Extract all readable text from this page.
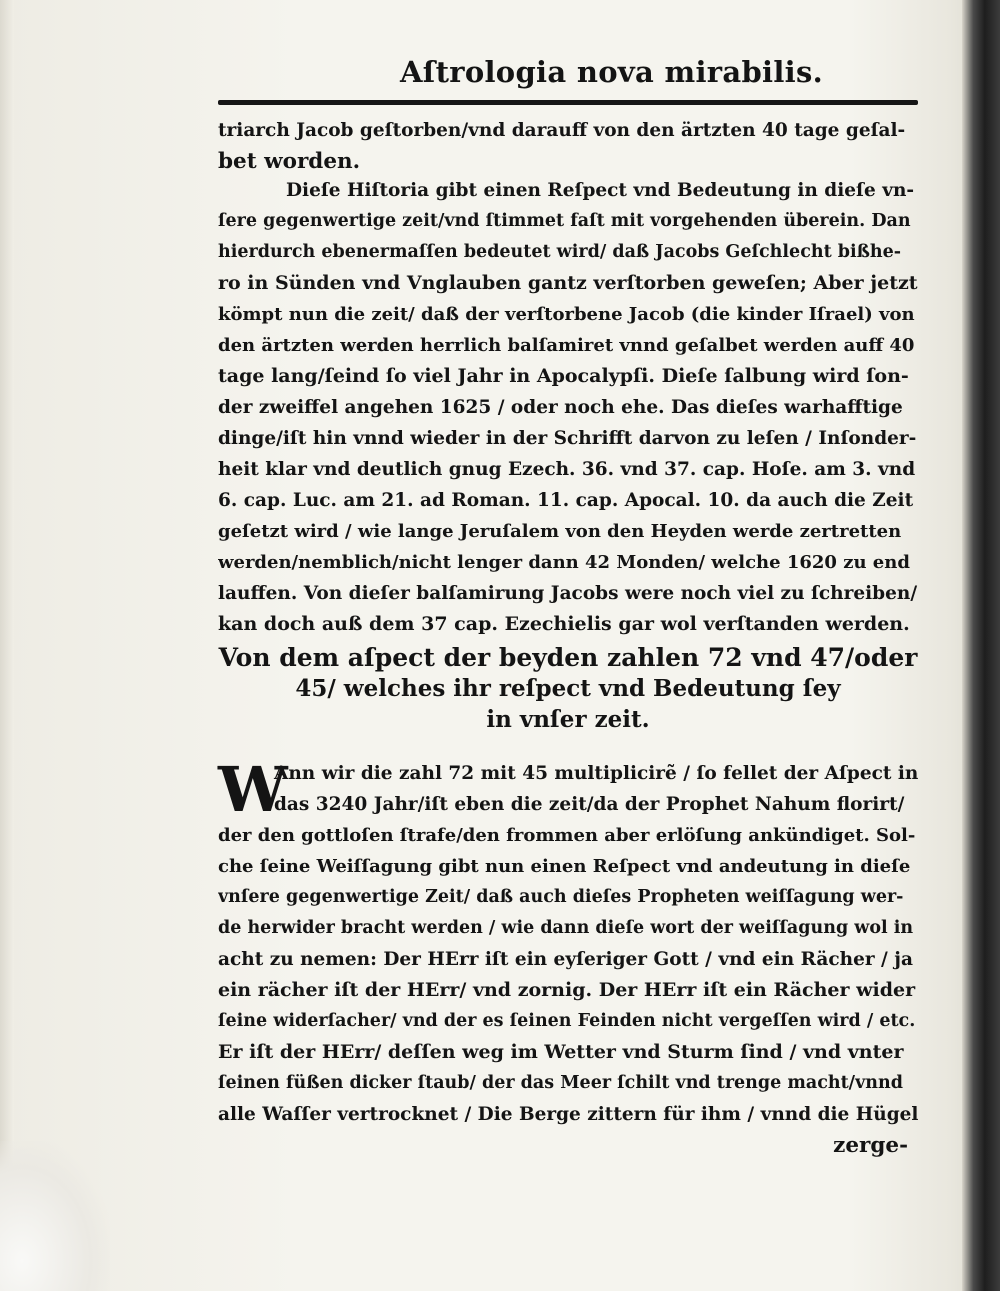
Aſtrologia nova mirabilis.
triarch Jacob geſtorben/vnd darauff von den ärtzten 40 tage geſal-
bet worden.
Dieſe Hiſtoria gibt einen Reſpect vnd Bedeutung in dieſe vn-
ſere gegenwertige zeit/vnd ſtimmet faſt mit vorgehenden überein. Dan
hierdurch ebenermaſſen bedeutet wird/ daß Jacobs Geſchlecht bißhe-
ro in Sünden vnd Vnglauben gantz verſtorben geweſen; Aber jetzt
kömpt nun die zeit/ daß der verſtorbene Jacob (die kinder Iſrael) von
den ärtzten werden herrlich balſamiret vnnd geſalbet werden auff 40
tage lang/ſeind ſo viel Jahr in Apocalypſi. Dieſe ſalbung wird ſon-
der zweiffel angehen 1625 / oder noch ehe. Das dieſes warhafftige
dinge/iſt hin vnnd wieder in der Schrifft darvon zu leſen / Inſonder-
heit klar vnd deutlich gnug Ezech. 36. vnd 37. cap. Hoſe. am 3. vnd
6. cap. Luc. am 21. ad Roman. 11. cap. Apocal. 10. da auch die Zeit
geſetzt wird / wie lange Jeruſalem von den Heyden werde zertretten
werden/nemblich/nicht lenger dann 42 Monden/ welche 1620 zu end
lauffen. Von dieſer balſamirung Jacobs were noch viel zu ſchreiben/
kan doch auß dem 37 cap. Ezechielis gar wol verſtanden werden.
Von dem aſpect der beyden zahlen 72 vnd 47/oder
45/ welches ihr reſpect vnd Bedeutung ſey
in vnſer zeit.
W
Ann wir die zahl 72 mit 45 multiplicirẽ / ſo fellet der Aſpect in
das 3240 Jahr/iſt eben die zeit/da der Prophet Nahum florirt/
der den gottloſen ſtrafe/den frommen aber erlöſung ankündiget. Sol-
che ſeine Weiſſagung gibt nun einen Reſpect vnd andeutung in dieſe
vnſere gegenwertige Zeit/ daß auch dieſes Propheten weiſſagung wer-
de herwider bracht werden / wie dann dieſe wort der weiſſagung wol in
acht zu nemen: Der HErr iſt ein eyſeriger Gott / vnd ein Rächer / ja
ein rächer iſt der HErr/ vnd zornig. Der HErr iſt ein Rächer wider
ſeine widerſacher/ vnd der es ſeinen Feinden nicht vergeſſen wird / etc.
Er iſt der HErr/ deſſen weg im Wetter vnd Sturm ſind / vnd vnter
ſeinen füßen dicker ſtaub/ der das Meer ſchilt vnd trenge macht/vnnd
alle Waſſer vertrocknet / Die Berge zittern für ihm / vnnd die Hügel
zerge-
